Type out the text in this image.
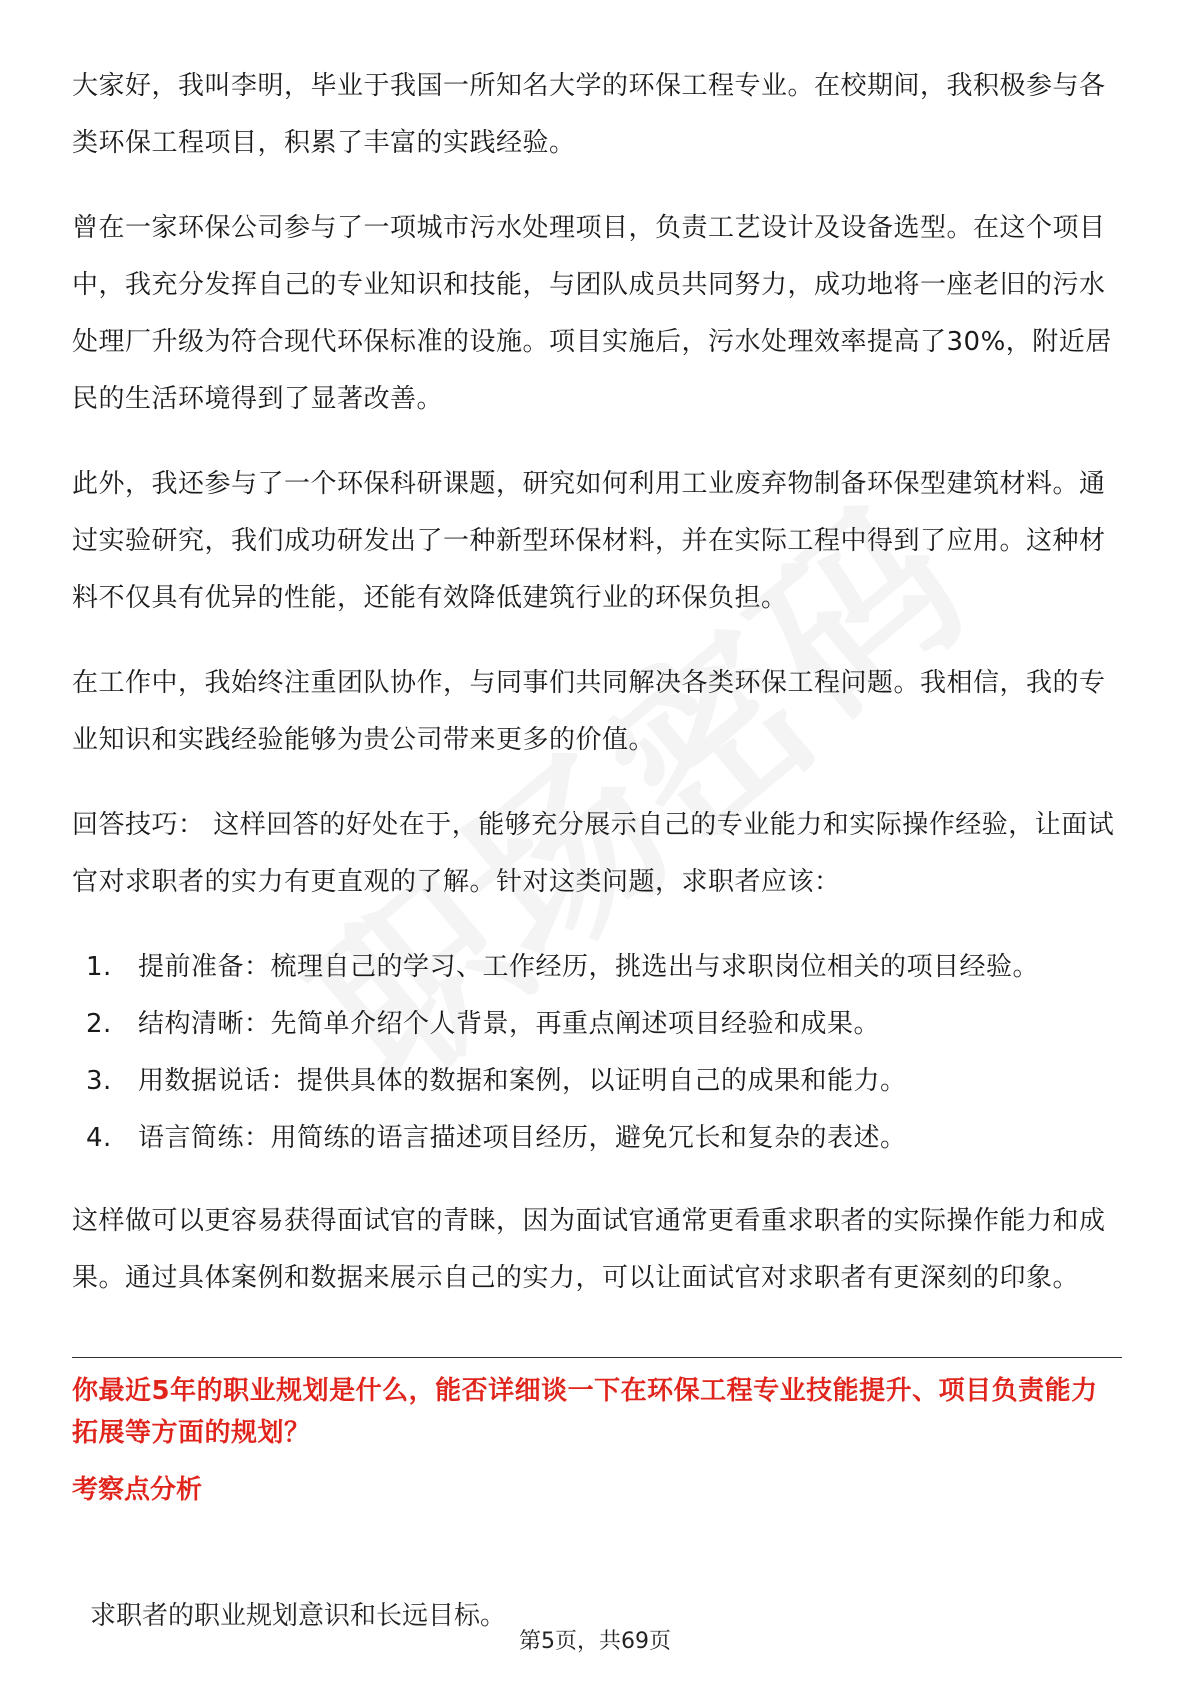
大家好，我叫李明，毕业于我国一所知名大学的环保工程专业。在校期间，我积极参与各类环保工程项目，积累了丰富的实践经验。

曾在一家环保公司参与了一项城市污水处理项目，负责工艺设计及设备选型。在这个项目中，我充分发挥自己的专业知识和技能，与团队成员共同努力，成功地将一座老旧的污水处理厂升级为符合现代环保标准的设施。项目实施后，污水处理效率提高了30%，附近居民的生活环境得到了显著改善。

此外，我还参与了一个环保科研课题，研究如何利用工业废弃物制备环保型建筑材料。通过实验研究，我们成功研发出了一种新型环保材料，并在实际工程中得到了应用。这种材料不仅具有优异的性能，还能有效降低建筑行业的环保负担。

在工作中，我始终注重团队协作，与同事们共同解决各类环保工程问题。我相信，我的专业知识和实践经验能够为贵公司带来更多的价值。

回答技巧： 这样回答的好处在于，能够充分展示自己的专业能力和实际操作经验，让面试官对求职者的实力有更直观的了解。针对这类问题，求职者应该：

1.	提前准备：梳理自己的学习、工作经历，挑选出与求职岗位相关的项目经验。
2.	结构清晰：先简单介绍个人背景，再重点阐述项目经验和成果。
3.	用数据说话：提供具体的数据和案例，以证明自己的成果和能力。
4.	语言简练：用简练的语言描述项目经历，避免冗长和复杂的表述。

这样做可以更容易获得面试官的青睐，因为面试官通常更看重求职者的实际操作能力和成果。通过具体案例和数据来展示自己的实力，可以让面试官对求职者有更深刻的印象。

你最近5年的职业规划是什么，能否详细谈一下在环保工程专业技能提升、项目负责能力拓展等方面的规划？

考察点分析

求职者的职业规划意识和长远目标。
第5页，共69页
